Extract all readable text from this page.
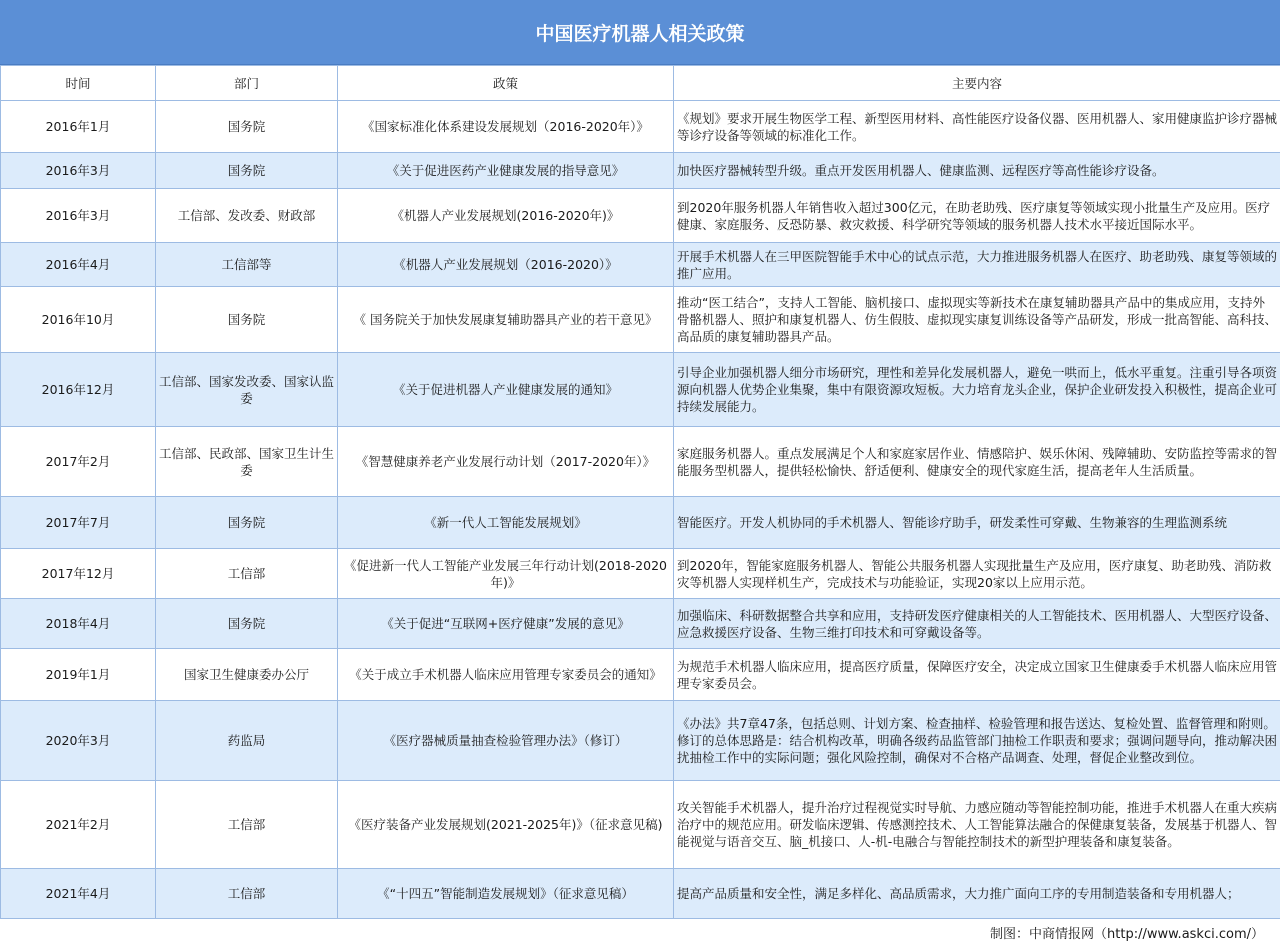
中国医疗机器人相关政策
时间	部门	政策	主要内容
2016年1月	国务院	《国家标准化体系建设发展规划（2016-2020年）》	《规划》要求开展生物医学工程、新型医用材料、高性能医疗设备仪器、医用机器人、家用健康监护诊疗器械等诊疗设备等领域的标准化工作。
2016年3月	国务院	《关于促进医药产业健康发展的指导意见》	加快医疗器械转型升级。重点开发医用机器人、健康监测、远程医疗等高性能诊疗设备。
2016年3月	工信部、发改委、财政部	《机器人产业发展规划(2016-2020年)》	到2020年服务机器人年销售收入超过300亿元，在助老助残、医疗康复等领域实现小批量生产及应用。医疗健康、家庭服务、反恐防暴、救灾救援、科学研究等领域的服务机器人技术水平接近国际水平。
2016年4月	工信部等	《机器人产业发展规划（2016-2020）》	开展手术机器人在三甲医院智能手术中心的试点示范，大力推进服务机器人在医疗、助老助残、康复等领域的推广应用。
2016年10月	国务院	《 国务院关于加快发展康复辅助器具产业的若干意见》	推动“医工结合”，支持人工智能、脑机接口、虚拟现实等新技术在康复辅助器具产品中的集成应用，支持外骨骼机器人、照护和康复机器人、仿生假肢、虚拟现实康复训练设备等产品研发，形成一批高智能、高科技、高品质的康复辅助器具产品。
2016年12月	工信部、国家发改委、国家认监委	《关于促进机器人产业健康发展的通知》	引导企业加强机器人细分市场研究，理性和差异化发展机器人，避免一哄而上，低水平重复。注重引导各项资源向机器人优势企业集聚，集中有限资源攻短板。大力培育龙头企业，保护企业研发投入积极性，提高企业可持续发展能力。
2017年2月	工信部、民政部、国家卫生计生委	《智慧健康养老产业发展行动计划（2017-2020年）》	家庭服务机器人。重点发展满足个人和家庭家居作业、情感陪护、娱乐休闲、残障辅助、安防监控等需求的智能服务型机器人，提供轻松愉快、舒适便利、健康安全的现代家庭生活，提高老年人生活质量。
2017年7月	国务院	《新一代人工智能发展规划》	智能医疗。开发人机协同的手术机器人、智能诊疗助手，研发柔性可穿戴、生物兼容的生理监测系统
2017年12月	工信部	《促进新一代人工智能产业发展三年行动计划(2018-2020年)》	到2020年，智能家庭服务机器人、智能公共服务机器人实现批量生产及应用，医疗康复、助老助残、消防救灾等机器人实现样机生产，完成技术与功能验证，实现20家以上应用示范。
2018年4月	国务院	《关于促进“互联网+医疗健康”发展的意见》	加强临床、科研数据整合共享和应用，支持研发医疗健康相关的人工智能技术、医用机器人、大型医疗设备、应急救援医疗设备、生物三维打印技术和可穿戴设备等。
2019年1月	国家卫生健康委办公厅	《关于成立手术机器人临床应用管理专家委员会的通知》	为规范手术机器人临床应用，提高医疗质量，保障医疗安全，决定成立国家卫生健康委手术机器人临床应用管理专家委员会。
2020年3月	药监局	《医疗器械质量抽查检验管理办法》（修订）	《办法》共7章47条，包括总则、计划方案、检查抽样、检验管理和报告送达、复检处置、监督管理和附则。修订的总体思路是：结合机构改革，明确各级药品监管部门抽检工作职责和要求；强调问题导向，推动解决困扰抽检工作中的实际问题；强化风险控制，确保对不合格产品调查、处理，督促企业整改到位。
2021年2月	工信部	《医疗装备产业发展规划(2021-2025年)》（征求意见稿)	攻关智能手术机器人，提升治疗过程视觉实时导航、力感应随动等智能控制功能，推进手术机器人在重大疾病治疗中的规范应用。研发临床逻辑、传感测控技术、人工智能算法融合的保健康复装备，发展基于机器人、智能视觉与语音交互、脑_机接口、人-机-电融合与智能控制技术的新型护理装备和康复装备。
2021年4月	工信部	《“十四五”智能制造发展规划》（征求意见稿）	提高产品质量和安全性，满足多样化、高品质需求，大力推广面向工序的专用制造装备和专用机器人；
制图：中商情报网（http://www.askci.com/）
